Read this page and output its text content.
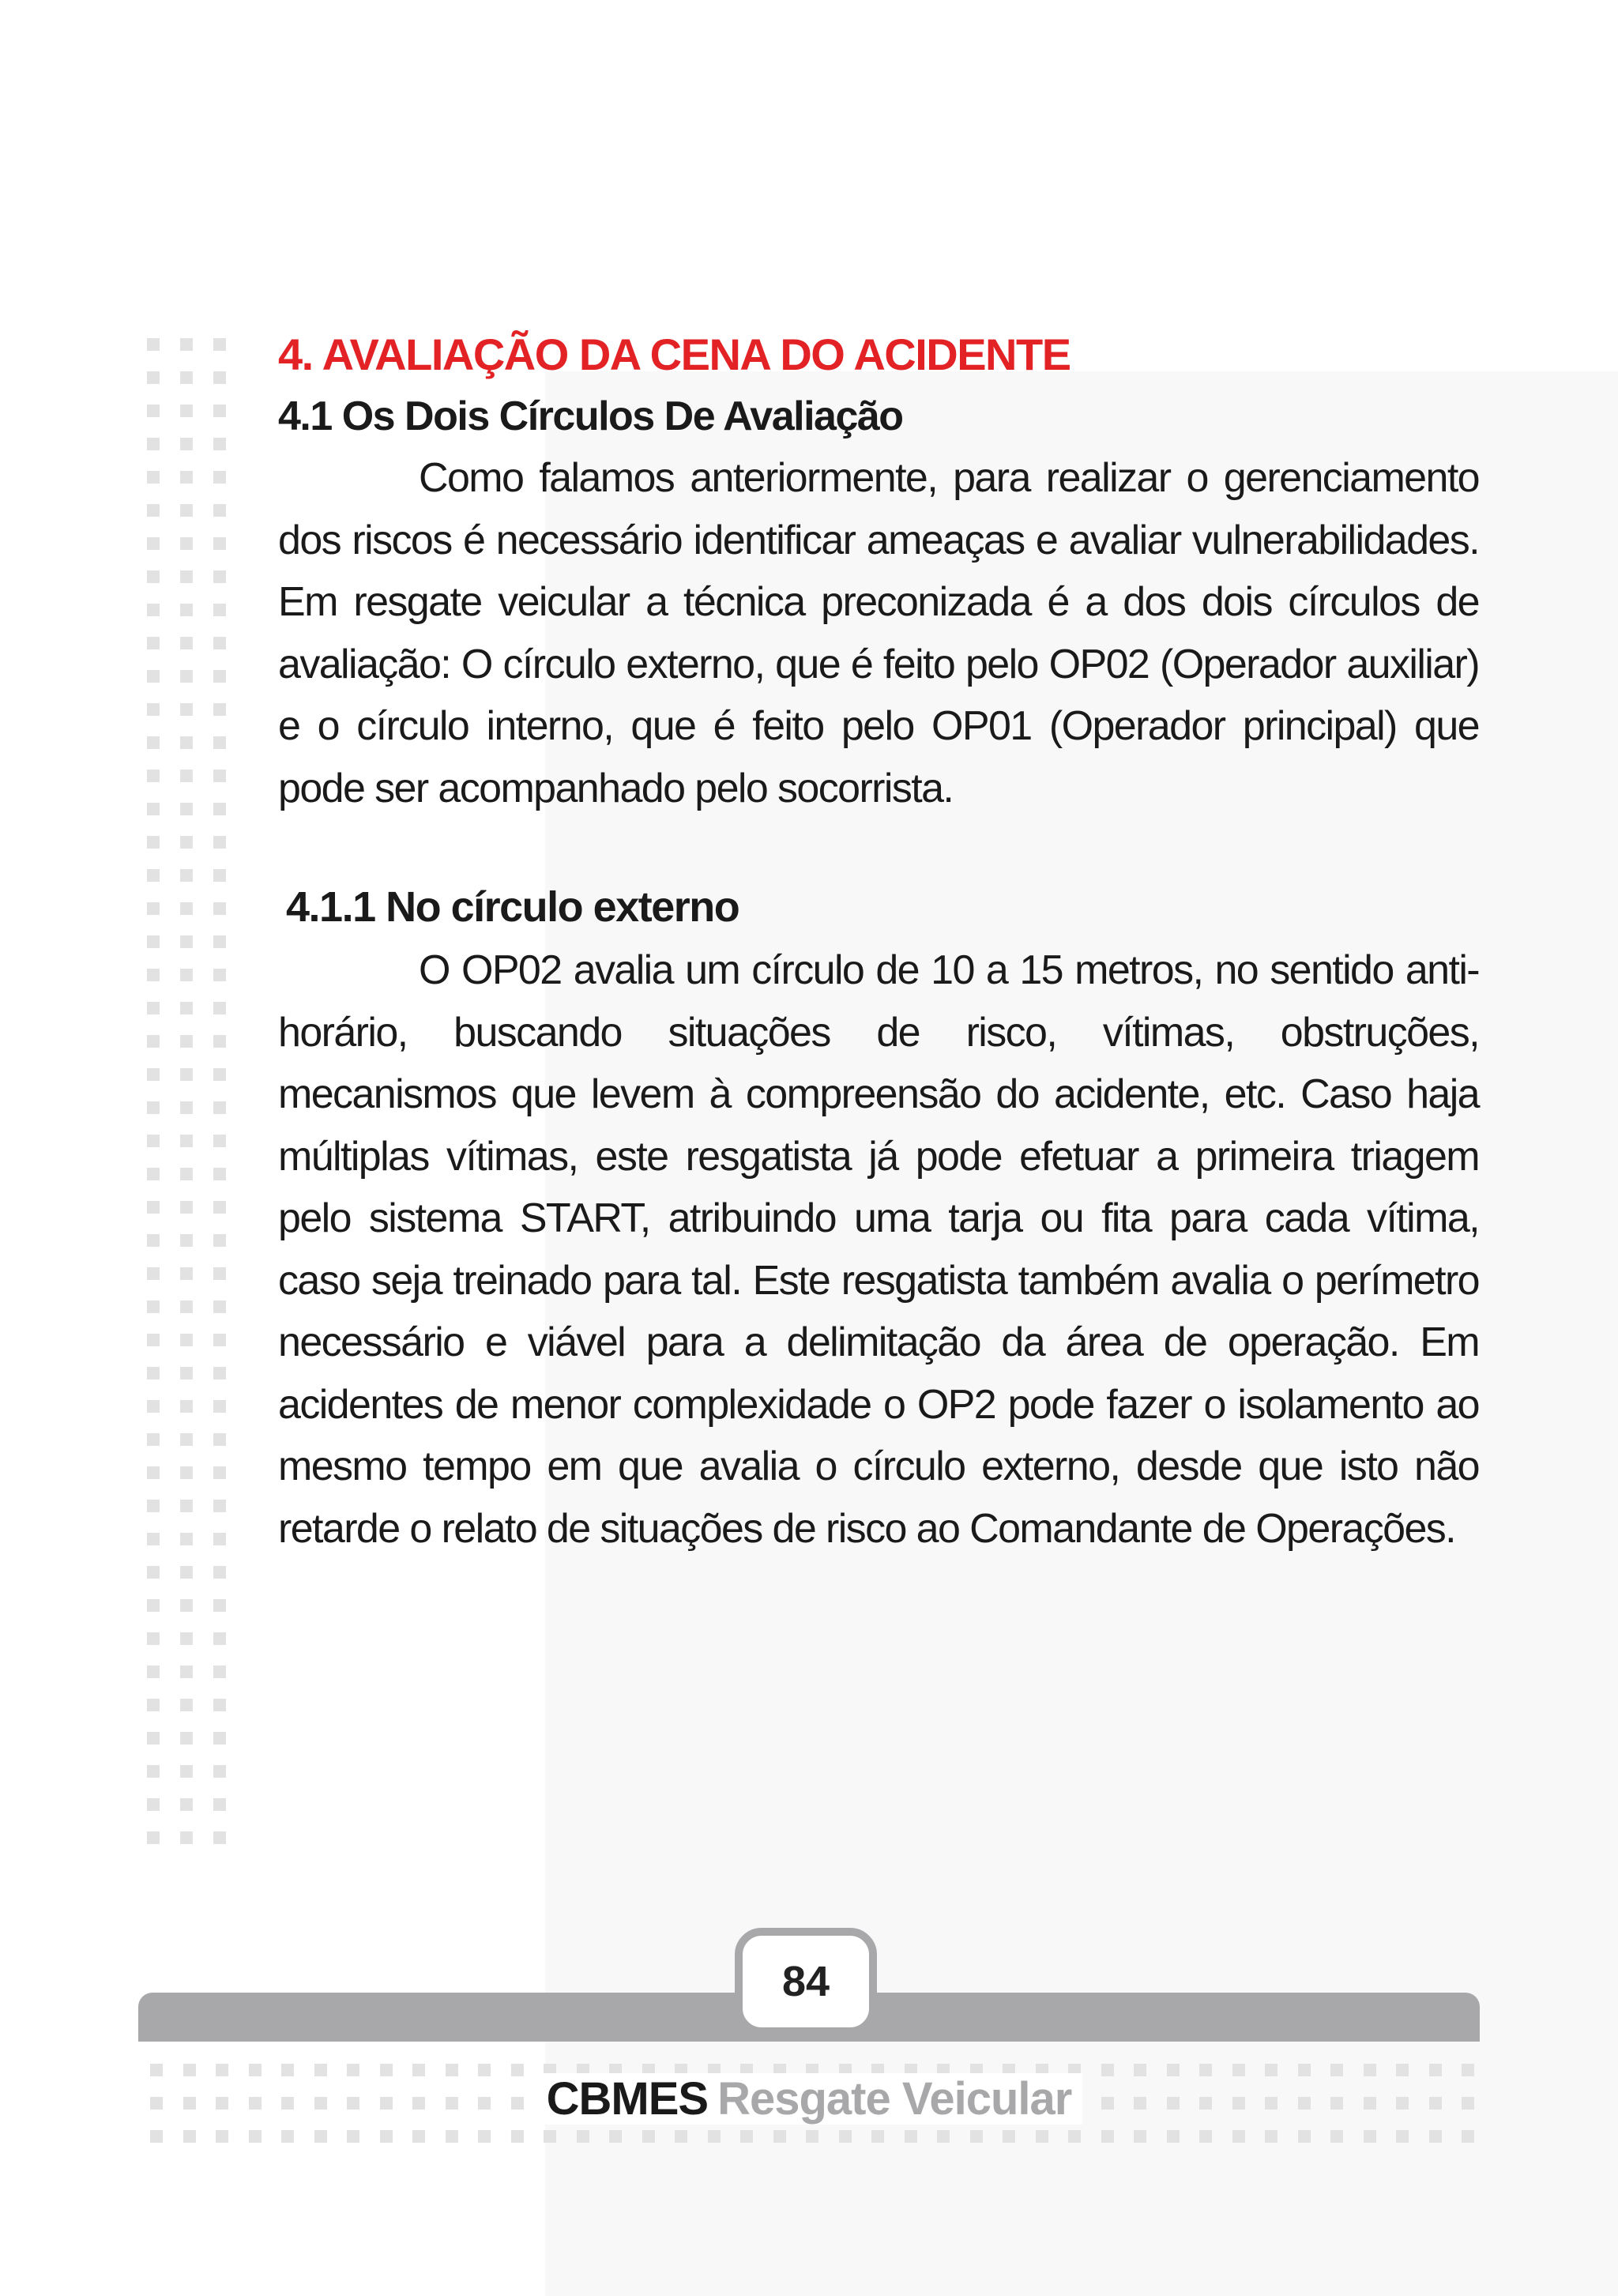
4. AVALIAÇÃO DA CENA DO ACIDENTE
4.1 Os Dois Círculos De Avaliação

Como falamos anteriormente, para realizar o gerenciamento dos riscos é necessário identificar ameaças e avaliar vulnerabilidades. Em resgate veicular a técnica preconizada é a dos dois círculos de avaliação: O círculo externo, que é feito pelo OP02 (Operador auxiliar) e o círculo interno, que é feito pelo OP01 (Operador principal) que pode ser acompanhado pelo socorrista.

4.1.1 No círculo externo

O OP02 avalia um círculo de 10 a 15 metros, no sentido anti-horário, buscando situações de risco, vítimas, obstruções, mecanismos que levem à compreensão do acidente, etc. Caso haja múltiplas vítimas, este resgatista já pode efetuar a primeira triagem pelo sistema START, atribuindo uma tarja ou fita para cada vítima, caso seja treinado para tal. Este resgatista também avalia o perímetro necessário e viável para a delimitação da área de operação. Em acidentes de menor complexidade o OP2 pode fazer o isolamento ao mesmo tempo em que avalia o círculo externo, desde que isto não retarde o relato de situações de risco ao Comandante de Operações.

84
CBMES Resgate Veicular
